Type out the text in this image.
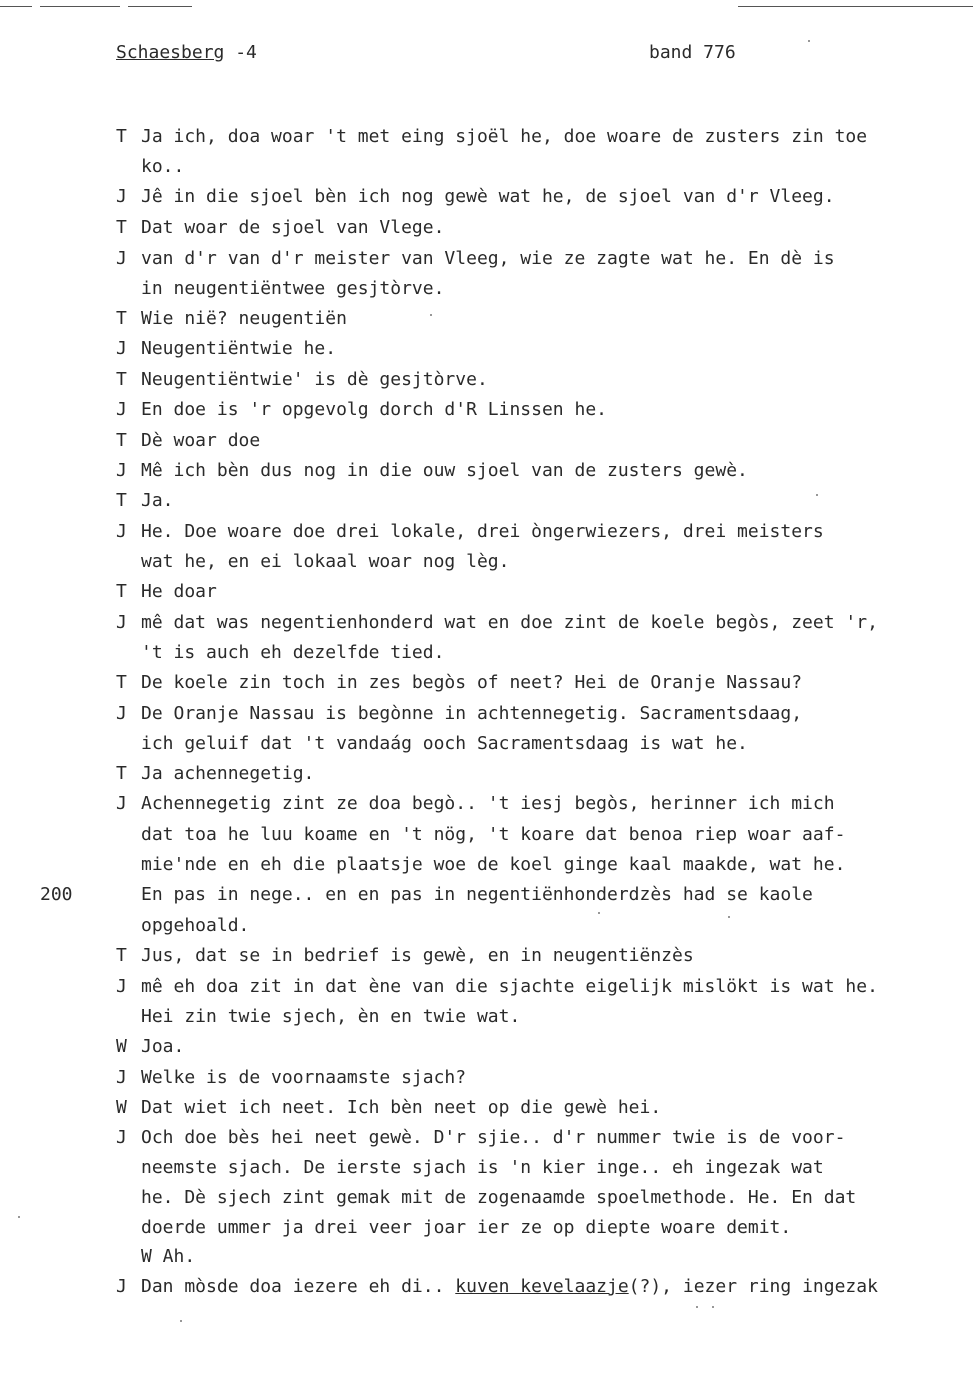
Schaesberg -4	band 776
200
T Ja ich, doa woar 't met eing sjoël he, doe woare de zusters zin toe
ko..
J Jê in die sjoel bèn ich nog gewè wat he, de sjoel van d'r Vleeg.
T Dat woar de sjoel van Vlege.
J van d'r van d'r meister van Vleeg, wie ze zagte wat he. En dè is
in neugentiëntwee gesjtòrve.
T Wie nië? neugentiën
J Neugentiëntwie he.
T Neugentiëntwie' is dè gesjtòrve.
J En doe is 'r opgevolg dorch d'R Linssen he.
T Dè woar doe
J Mê ich bèn dus nog in die ouw sjoel van de zusters gewè.
T Ja.
J He. Doe woare doe drei lokale, drei òngerwiezers, drei meisters
wat he, en ei lokaal woar nog lèg.
T He doar
J mê dat was negentienhonderd wat en doe zint de koele begòs, zeet 'r,
't is auch eh dezelfde tied.
T De koele zin toch in zes begòs of neet? Hei de Oranje Nassau?
J De Oranje Nassau is begònne in achtennegetig. Sacramentsdaag,
ich geluif dat 't vandaág ooch Sacramentsdaag is wat he.
T Ja achennegetig.
J Achennegetig zint ze doa begò.. 't iesj begòs, herinner ich mich
dat toa he luu koame en 't nög, 't koare dat benoa riep woar aaf-
mie'nde en eh die plaatsje woe de koel ginge kaal maakde, wat he.
En pas in nege.. en en pas in negentiënhonderdzès had se kaole
opgehoald.
T Jus, dat se in bedrief is gewè, en in neugentiënzès
J mê eh doa zit in dat ène van die sjachte eigelijk mislökt is wat he.
Hei zin twie sjech, èn en twie wat.
W Joa.
J Welke is de voornaamste sjach?
W Dat wiet ich neet. Ich bèn neet op die gewè hei.
J Och doe bès hei neet gewè. D'r sjie.. d'r nummer twie is de voor-
neemste sjach. De ierste sjach is 'n kier inge.. eh ingezak wat
he. Dè sjech zint gemak mit de zogenaamde spoelmethode. He. En dat
doerde ummer ja drei veer joar ier ze op diepte woare demit.
W Ah.
J Dan mòsde doa iezere eh di.. kuven kevelaazje(?), iezer ring ingezak
